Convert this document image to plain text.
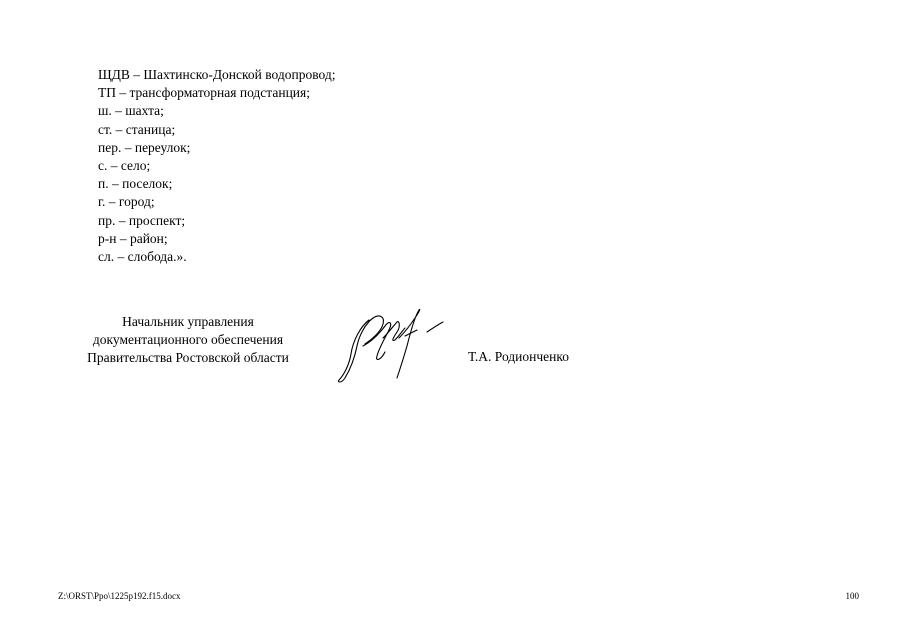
ЩДВ – Шахтинско-Донской водопровод;
ТП – трансформаторная подстанция;
ш. – шахта;
ст. – станица;
пер. – переулок;
с. – село;
п. – поселок;
г. – город;
пр. – проспект;
р-н – район;
сл. – слобода.».
Начальник управления
документационного обеспечения
Правительства Ростовской области	Т.А. Родионченко
Z:\ORST\Ppo\1225p192.f15.docx	100
